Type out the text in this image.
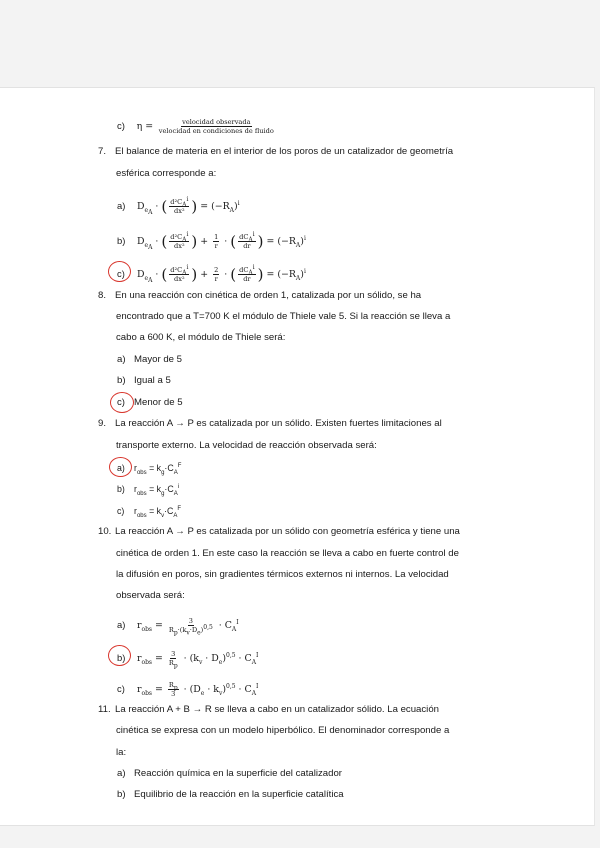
c) $\eta = \frac{\text{velocidad observada}}{\text{velocidad en condiciones de fluido}}$
7. El balance de materia en el interior de los poros de un catalizador de geometría
esférica corresponde a:
a) $D_{e_A}$ · ( $\frac{d^2C_A^i}{\text{dx²}}$ ) = $(-R_A)^i$
b) $D_{e_A}$ · ( $\frac{d^2C_A^i}{\text{dx²}}$ ) + $\frac{1}{r}$ · ( $\frac{dC_A^i}{dr}$ ) = $(-R_A)^i$
c) $D_{e_A}$ · ( $\frac{d^2C_A^i}{\text{dx²}}$ ) + $\frac{2}{r}$ · ( $\frac{dC_A^i}{dr}$ ) = $(-R_A)^i$
8. En una reacción con cinética de orden 1, catalizada por un sólido, se ha
encontrado que a T=700 K el módulo de Thiele vale 5. Si la reacción se lleva a
cabo a 600 K, el módulo de Thiele será:
a) Mayor de 5
b) Igual a 5
c) Menor de 5
9. La reacción A → P es catalizada por un sólido. Existen fuertes limitaciones al
transporte externo. La velocidad de reacción observada será:
a) $r_{obs} = k_g\cdot C_A^F$
b) $r_{obs} = k_g\cdot C_A^i$
c) $r_{obs} = k_v\cdot C_A^F$
10. La reacción A → P es catalizada por un sólido con geometría esférica y tiene una
cinética de orden 1. En este caso la reacción se lleva a cabo en fuerte control de
la difusión en poros, sin gradientes térmicos externos ni internos. La velocidad
observada será:
a) $r_{obs} = \frac{3}{R_p\cdot(k_v\cdot D_e)^{0,5}} \cdot C_A^I$
b) $r_{obs} = \frac{3}{R_p} \cdot (k_v \cdot D_e)^{0,5} \cdot C_A^I$
c) $r_{obs} = \frac{R_p}{3} \cdot (D_e \cdot k_v)^{0,5} \cdot C_A^I$
11. La reacción A + B → R se lleva a cabo en un catalizador sólido. La ecuación
cinética se expresa con un modelo hiperbólico. El denominador corresponde a
la:
a) Reacción química en la superficie del catalizador
b) Equilibrio de la reacción en la superficie catalítica
